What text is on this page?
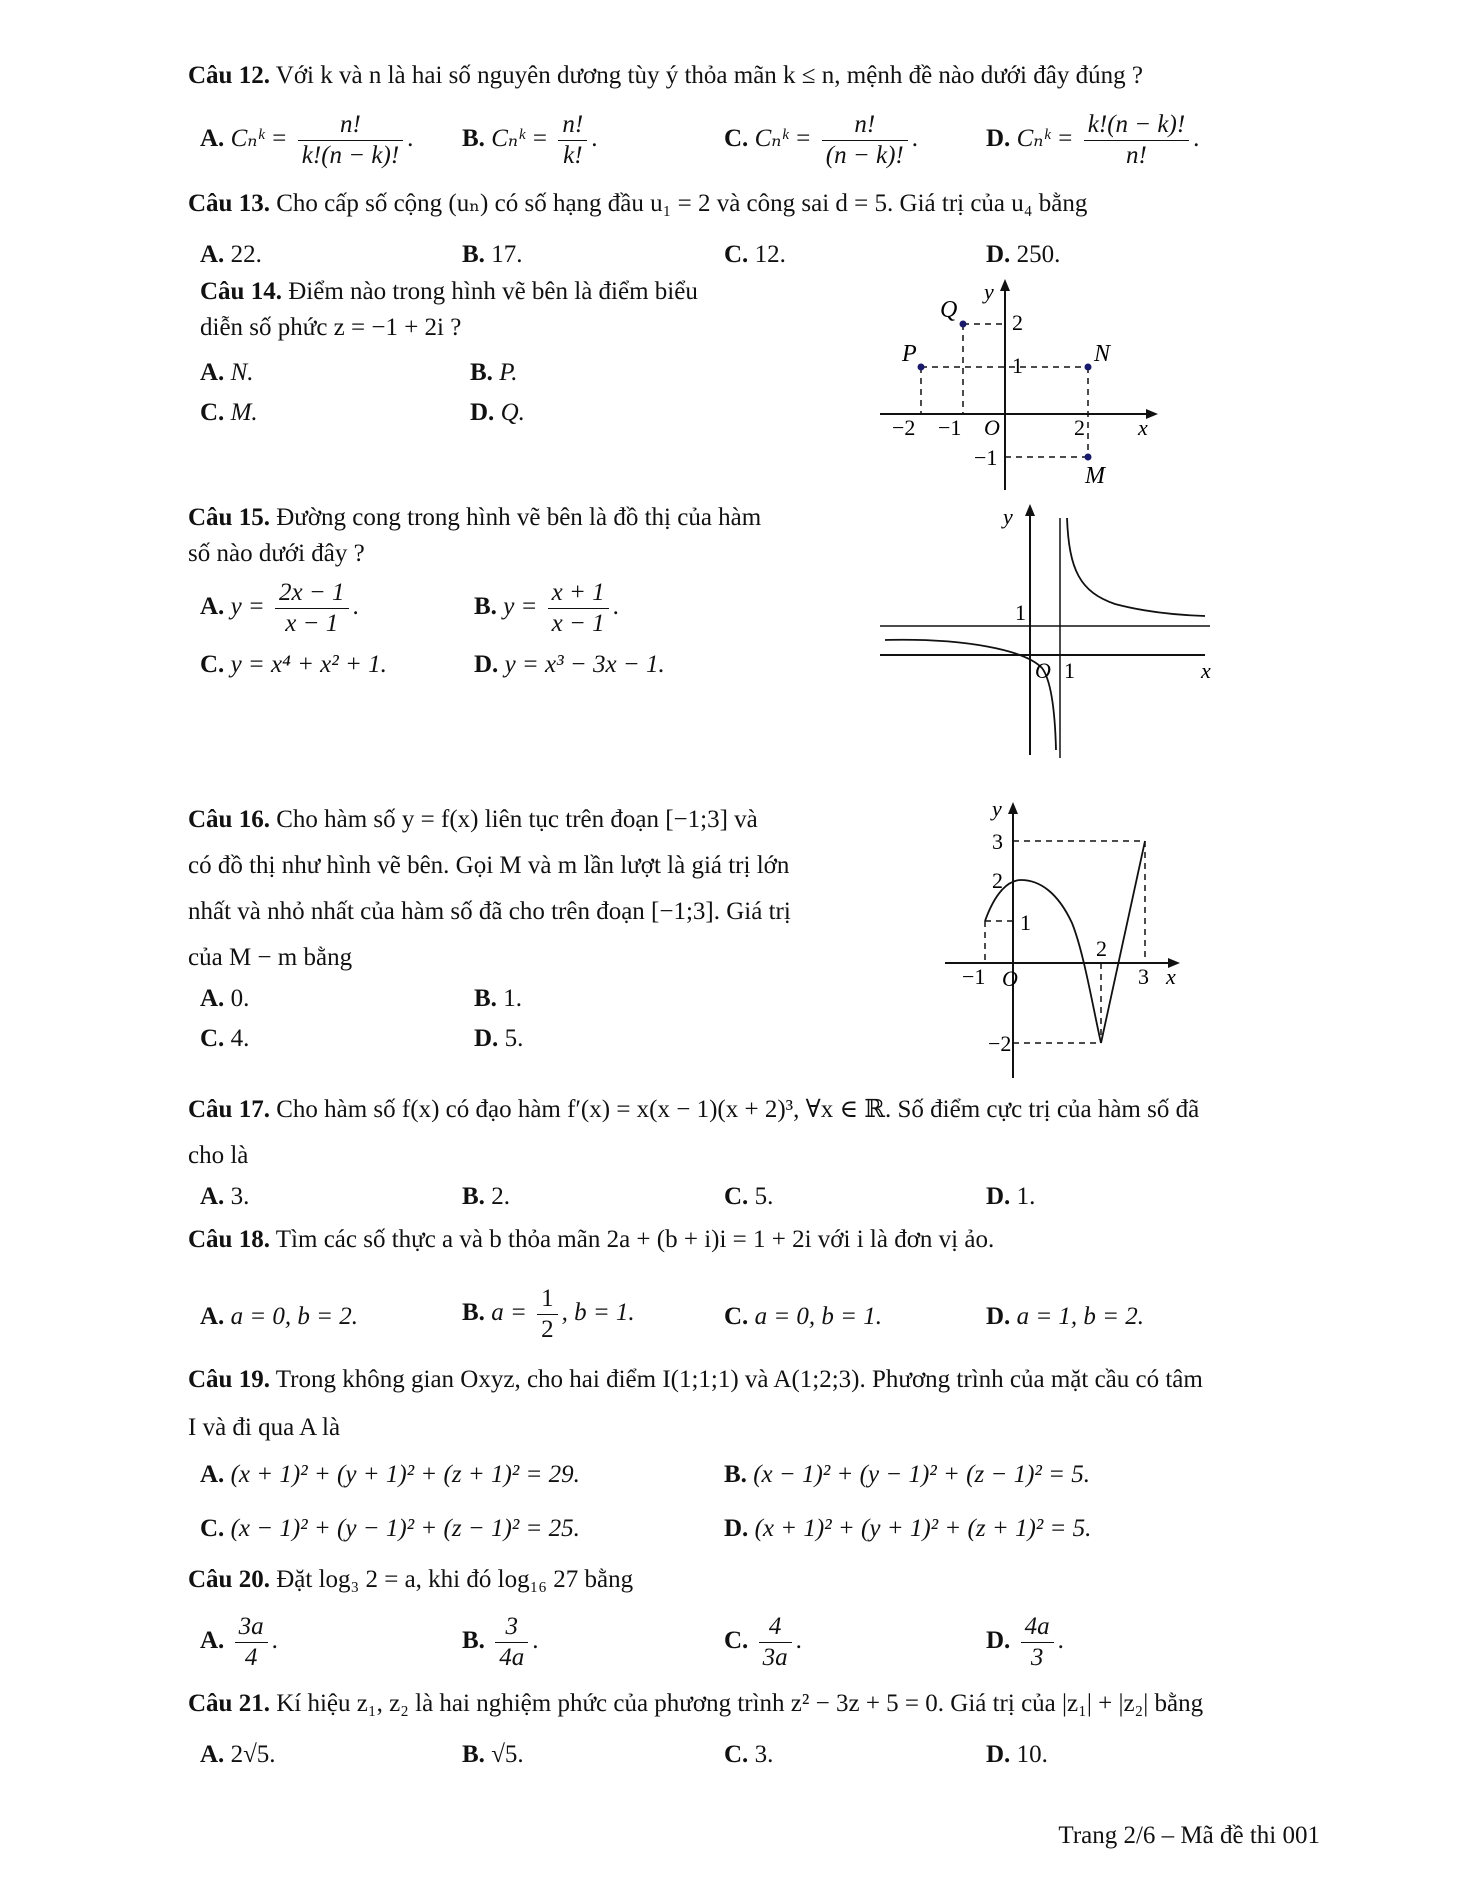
Câu 12. Với k và n là hai số nguyên dương tùy ý thỏa mãn k ≤ n, mệnh đề nào dưới đây đúng ?
A. Cₙᵏ = $\frac{n!}{k!(n - k)!}$ . B. Cₙᵏ = $\frac{n!}{k!}$ .	C. Cₙᵏ = $\frac{n!}{(n - k)!}$ .	D. Cₙᵏ = $\frac{k!(n - k)!}{n!}$ .
Câu 13. Cho cấp số cộng (uₙ) có số hạng đầu u₁ = 2 và công sai d = 5. Giá trị của u₄ bằng
A. 22.	B. 17.	C. 12.	D. 250.
Câu 14. Điểm nào trong hình vẽ bên là điểm biểu
diễn số phức z = −1 + 2i ?
A. N.	B. P.
C. M.	D. Q.
Q
P	N
M
2
1
−1
−2 −1 O	2 x
y
Câu 15. Đường cong trong hình vẽ bên là đồ thị của hàm
số nào dưới đây ?
A. $y = \frac{2x - 1}{x - 1}$ .	B. $y = \frac{x + 1}{x - 1}$ .
C. y = x⁴ + x² + 1.	D. y = x³ − 3x − 1.
y
1
O 1	x
Câu 16. Cho hàm số y = f(x) liên tục trên đoạn [−1;3] và
có đồ thị như hình vẽ bên. Gọi M và m lần lượt là giá trị lớn
nhất và nhỏ nhất của hàm số đã cho trên đoạn [−1;3]. Giá trị
của M − m bằng
A. 0.	B. 1.
C. 4.	D. 5.
y
3
2
1
−1 O
2
3 x
−2
Câu 17. Cho hàm số f(x) có đạo hàm f′(x) = x(x − 1)(x + 2)³, ∀x ∈ ℝ. Số điểm cực trị của hàm số đã
cho là
A. 3.	B. 2.	C. 5.	D. 1.
Câu 18. Tìm các số thực a và b thỏa mãn 2a + (b + i)i = 1 + 2i với i là đơn vị ảo.
A. a = 0, b = 2.	B. $a = \frac{1}{2}$ , b = 1.	C. a = 0, b = 1.	D. a = 1, b = 2.
Câu 19. Trong không gian Oxyz, cho hai điểm I(1;1;1) và A(1;2;3). Phương trình của mặt cầu có tâm
I và đi qua A là
A. (x + 1)² + (y + 1)² + (z + 1)² = 29.	B. (x − 1)² + (y − 1)² + (z − 1)² = 5.
C. (x − 1)² + (y − 1)² + (z − 1)² = 25.	D. (x + 1)² + (y + 1)² + (z + 1)² = 5.
Câu 20. Đặt log₃ 2 = a, khi đó log₁₆ 27 bằng
A. $\frac{3a}{4}$ .	B. $\frac{3}{4a}$ .	C. $\frac{4}{3a}$ .	D. $\frac{4a}{3}$ .
Câu 21. Kí hiệu z₁, z₂ là hai nghiệm phức của phương trình z² − 3z + 5 = 0. Giá trị của |z₁| + |z₂| bằng
A. 2√5.	B. √5.	C. 3.	D. 10.
Trang 2/6 – Mã đề thi 001
